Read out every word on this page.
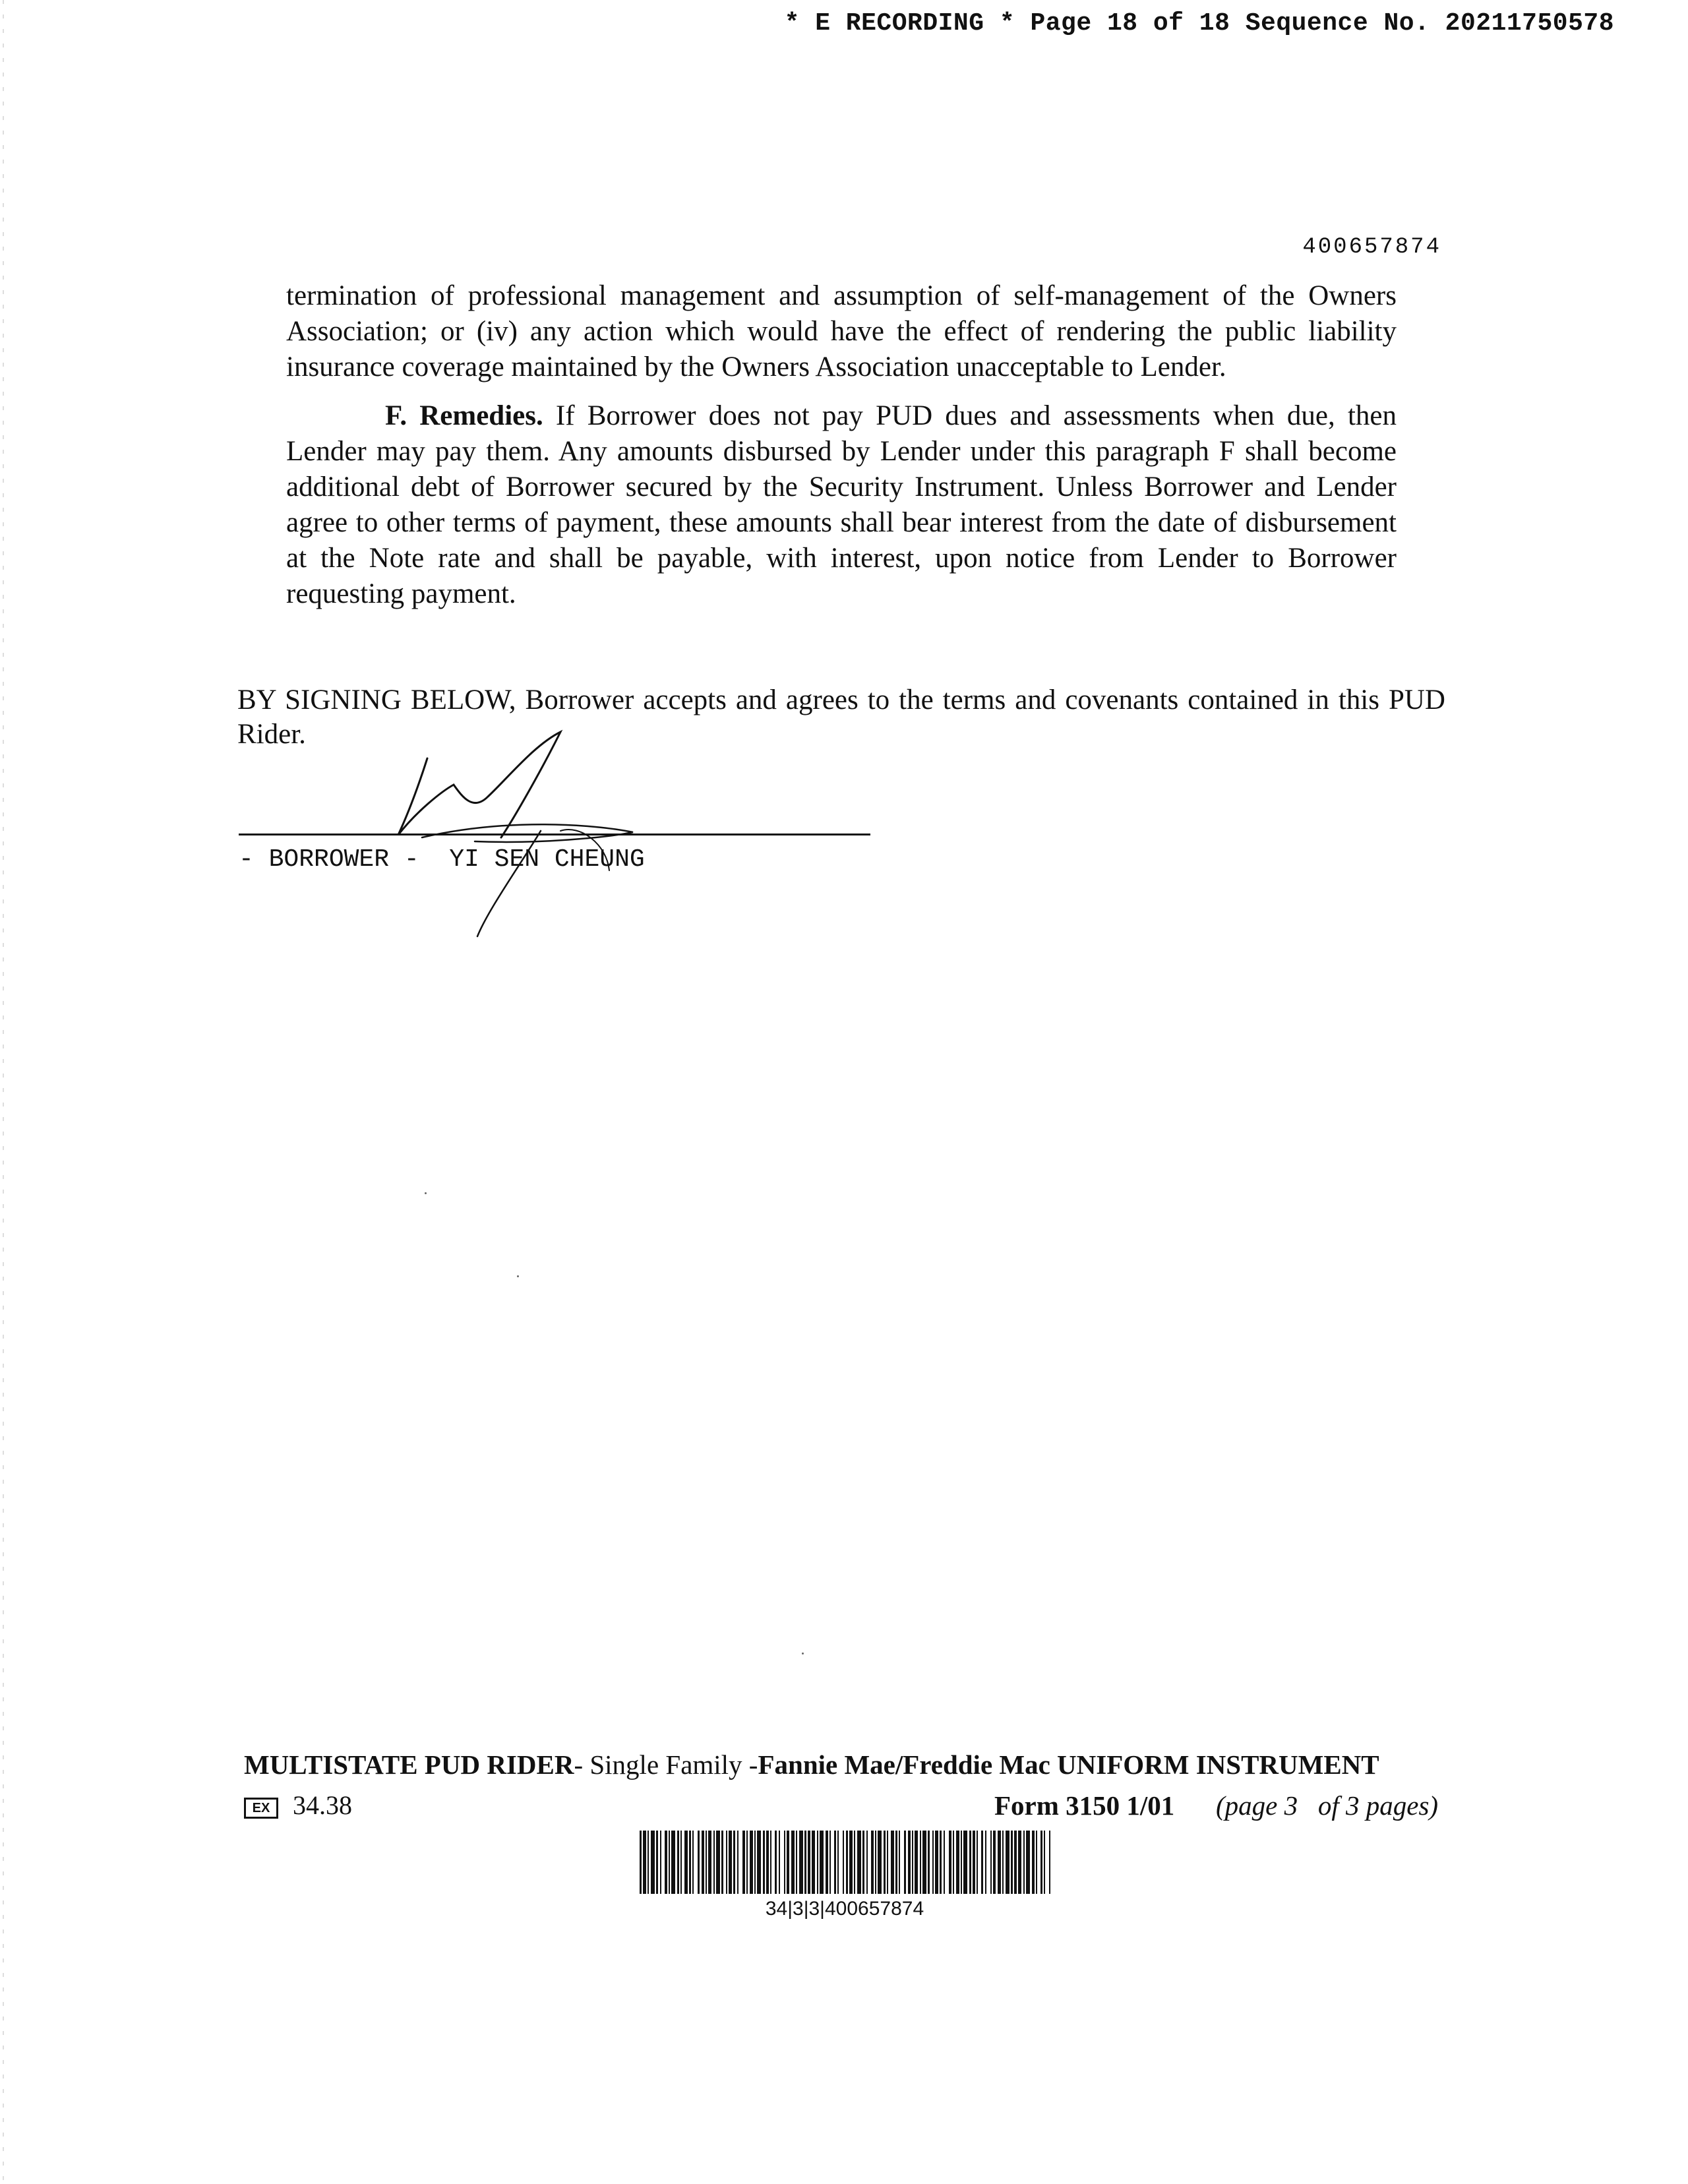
* E RECORDING * Page 18 of 18 Sequence No. 20211750578
400657874

termination of professional management and assumption of self-management of the Owners Association; or (iv) any action which would have the effect of rendering the public liability insurance coverage maintained by the Owners Association unacceptable to Lender.

F. Remedies. If Borrower does not pay PUD dues and assessments when due, then Lender may pay them. Any amounts disbursed by Lender under this paragraph F shall become additional debt of Borrower secured by the Security Instrument. Unless Borrower and Lender agree to other terms of payment, these amounts shall bear interest from the date of disbursement at the Note rate and shall be payable, with interest, upon notice from Lender to Borrower requesting payment.

BY SIGNING BELOW, Borrower accepts and agrees to the terms and covenants contained in this PUD Rider.
- BORROWER -  YI SEN CHEUNG
MULTISTATE PUD RIDER- Single Family -Fannie Mae/Freddie Mac UNIFORM INSTRUMENT
EX 34.38	Form 3150 1/01 (page 3   of 3 pages)
34|3|3|400657874
